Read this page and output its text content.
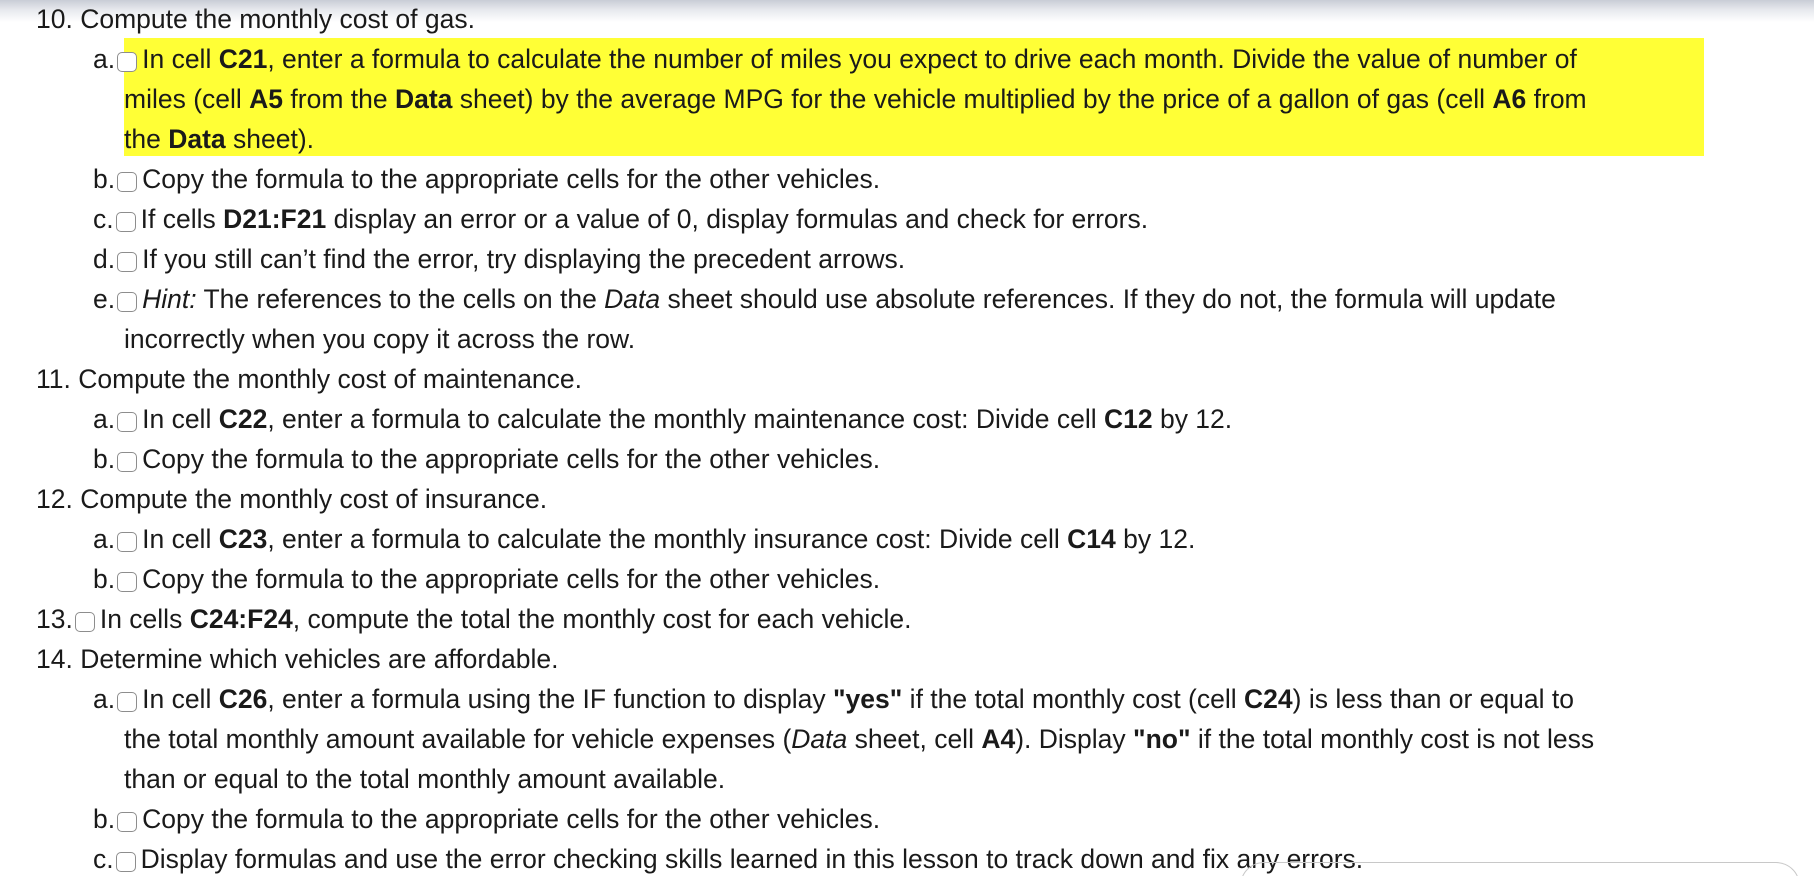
10. Compute the monthly cost of gas.
a. In cell C21, enter a formula to calculate the number of miles you expect to drive each month. Divide the value of number of
miles (cell A5 from the Data sheet) by the average MPG for the vehicle multiplied by the price of a gallon of gas (cell A6 from
the Data sheet).
b. Copy the formula to the appropriate cells for the other vehicles.
c. If cells D21:F21 display an error or a value of 0, display formulas and check for errors.
d. If you still can’t find the error, try displaying the precedent arrows.
e. Hint: The references to the cells on the Data sheet should use absolute references. If they do not, the formula will update
incorrectly when you copy it across the row.
11. Compute the monthly cost of maintenance.
a. In cell C22, enter a formula to calculate the monthly maintenance cost: Divide cell C12 by 12.
b. Copy the formula to the appropriate cells for the other vehicles.
12. Compute the monthly cost of insurance.
a. In cell C23, enter a formula to calculate the monthly insurance cost: Divide cell C14 by 12.
b. Copy the formula to the appropriate cells for the other vehicles.
13. In cells C24:F24, compute the total the monthly cost for each vehicle.
14. Determine which vehicles are affordable.
a. In cell C26, enter a formula using the IF function to display "yes" if the total monthly cost (cell C24) is less than or equal to
the total monthly amount available for vehicle expenses (Data sheet, cell A4). Display "no" if the total monthly cost is not less
than or equal to the total monthly amount available.
b. Copy the formula to the appropriate cells for the other vehicles.
c. Display formulas and use the error checking skills learned in this lesson to track down and fix any errors.
